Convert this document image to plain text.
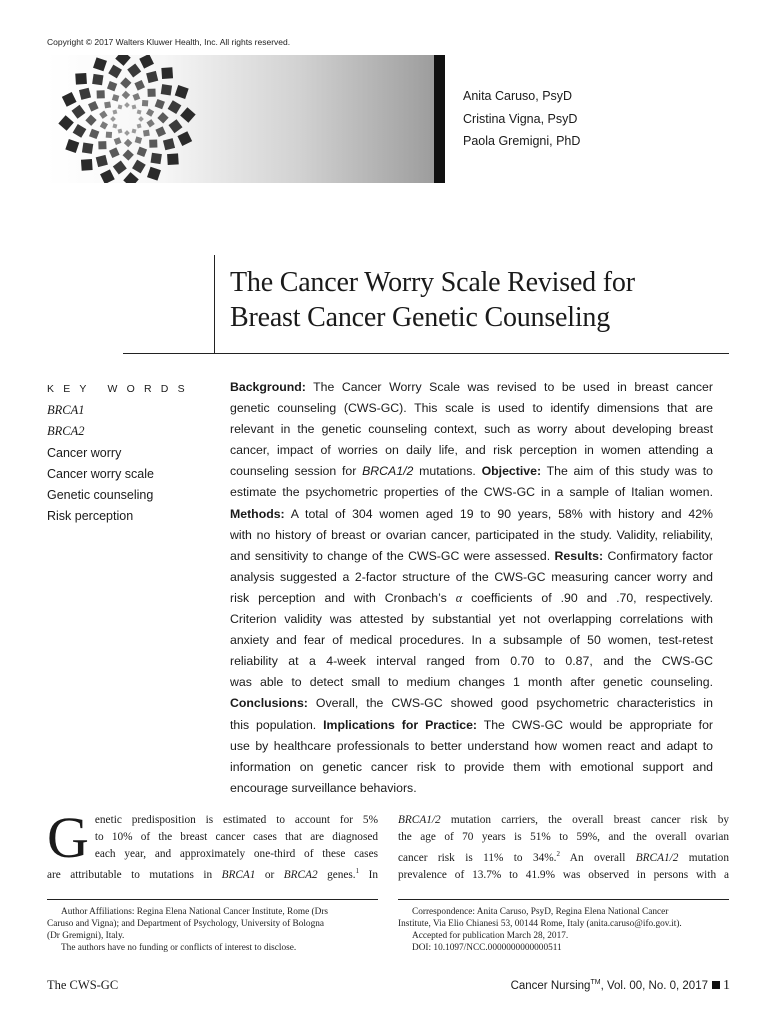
Copyright © 2017 Walters Kluwer Health, Inc. All rights reserved.
Anita Caruso, PsyD
Cristina Vigna, PsyD
Paola Gremigni, PhD
The Cancer Worry Scale Revised for
Breast Cancer Genetic Counseling
KEY WORDS
BRCA1
BRCA2
Cancer worry
Cancer worry scale
Genetic counseling
Risk perception
Background: The Cancer Worry Scale was revised to be used in breast cancer
genetic counseling (CWS-GC). This scale is used to identify dimensions that are
relevant in the genetic counseling context, such as worry about developing breast
cancer, impact of worries on daily life, and risk perception in women attending a
counseling session for BRCA1/2 mutations. Objective: The aim of this study was to
estimate the psychometric properties of the CWS-GC in a sample of Italian women.
Methods: A total of 304 women aged 19 to 90 years, 58% with history and 42%
with no history of breast or ovarian cancer, participated in the study. Validity, reliability,
and sensitivity to change of the CWS-GC were assessed. Results: Confirmatory factor
analysis suggested a 2-factor structure of the CWS-GC measuring cancer worry and
risk perception and with Cronbach’s α coefficients of .90 and .70, respectively.
Criterion validity was attested by substantial yet not overlapping correlations with
anxiety and fear of medical procedures. In a subsample of 50 women, test-retest
reliability at a 4-week interval ranged from 0.70 to 0.87, and the CWS-GC
was able to detect small to medium changes 1 month after genetic counseling.
Conclusions: Overall, the CWS-GC showed good psychometric characteristics in
this population. Implications for Practice: The CWS-GC would be appropriate for
use by healthcare professionals to better understand how women react and adapt to
information on genetic cancer risk to provide them with emotional support and
encourage surveillance behaviors.
G enetic predisposition is estimated to account for 5%
to 10% of the breast cancer cases that are diagnosed
each year, and approximately one-third of these cases
are attributable to mutations in BRCA1 or BRCA2 genes.$^1$ In
BRCA1/2 mutation carriers, the overall breast cancer risk by
the age of 70 years is 51% to 59%, and the overall ovarian
cancer risk is 11% to 34%.$^2$ An overall BRCA1/2 mutation
prevalence of 13.7% to 41.9% was observed in persons with a
Author Affiliations: Regina Elena National Cancer Institute, Rome (Drs
Caruso and Vigna); and Department of Psychology, University of Bologna
(Dr Gremigni), Italy.
The authors have no funding or conflicts of interest to disclose.
Correspondence: Anita Caruso, PsyD, Regina Elena National Cancer
Institute, Via Elio Chianesi 53, 00144 Rome, Italy (anita.caruso@ifo.gov.it).
Accepted for publication March 28, 2017.
DOI: 10.1097/NCC.0000000000000511
The CWS-GC	Cancer Nursing™, Vol. 00, No. 0, 2017 1
